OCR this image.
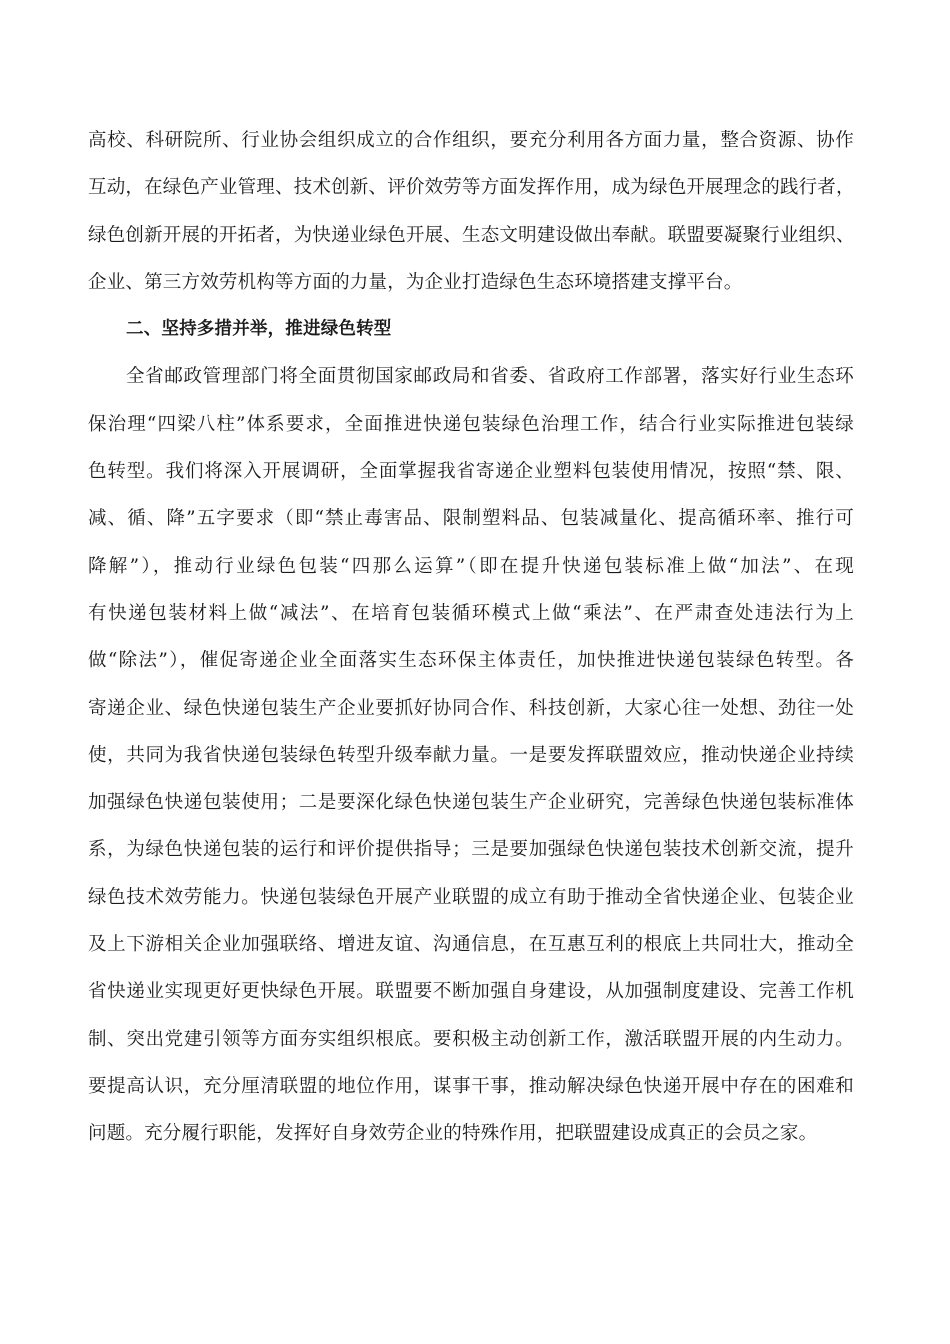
高校、科研院所、行业协会组织成立的合作组织，要充分利用各方面力量，整合资源、协作
互动，在绿色产业管理、技术创新、评价效劳等方面发挥作用，成为绿色开展理念的践行者，
绿色创新开展的开拓者，为快递业绿色开展、生态文明建设做出奉献。联盟要凝聚行业组织、
企业、第三方效劳机构等方面的力量，为企业打造绿色生态环境搭建支撑平台。
二、坚持多措并举，推进绿色转型
全省邮政管理部门将全面贯彻国家邮政局和省委、省政府工作部署，落实好行业生态环
保治理“四梁八柱”体系要求，全面推进快递包装绿色治理工作，结合行业实际推进包装绿
色转型。我们将深入开展调研，全面掌握我省寄递企业塑料包装使用情况，按照“禁、限、
减、循、降”五字要求（即“禁止毒害品、限制塑料品、包装减量化、提高循环率、推行可
降解”），推动行业绿色包装“四那么运算”（即在提升快递包装标准上做“加法”、在现
有快递包装材料上做“减法”、在培育包装循环模式上做“乘法”、在严肃查处违法行为上
做“除法”），催促寄递企业全面落实生态环保主体责任，加快推进快递包装绿色转型。各
寄递企业、绿色快递包装生产企业要抓好协同合作、科技创新，大家心往一处想、劲往一处
使，共同为我省快递包装绿色转型升级奉献力量。一是要发挥联盟效应，推动快递企业持续
加强绿色快递包装使用；二是要深化绿色快递包装生产企业研究，完善绿色快递包装标准体
系，为绿色快递包装的运行和评价提供指导；三是要加强绿色快递包装技术创新交流，提升
绿色技术效劳能力。快递包装绿色开展产业联盟的成立有助于推动全省快递企业、包装企业
及上下游相关企业加强联络、增进友谊、沟通信息，在互惠互利的根底上共同壮大，推动全
省快递业实现更好更快绿色开展。联盟要不断加强自身建设，从加强制度建设、完善工作机
制、突出党建引领等方面夯实组织根底。要积极主动创新工作，激活联盟开展的内生动力。
要提高认识，充分厘清联盟的地位作用，谋事干事，推动解决绿色快递开展中存在的困难和
问题。充分履行职能，发挥好自身效劳企业的特殊作用，把联盟建设成真正的会员之家。
